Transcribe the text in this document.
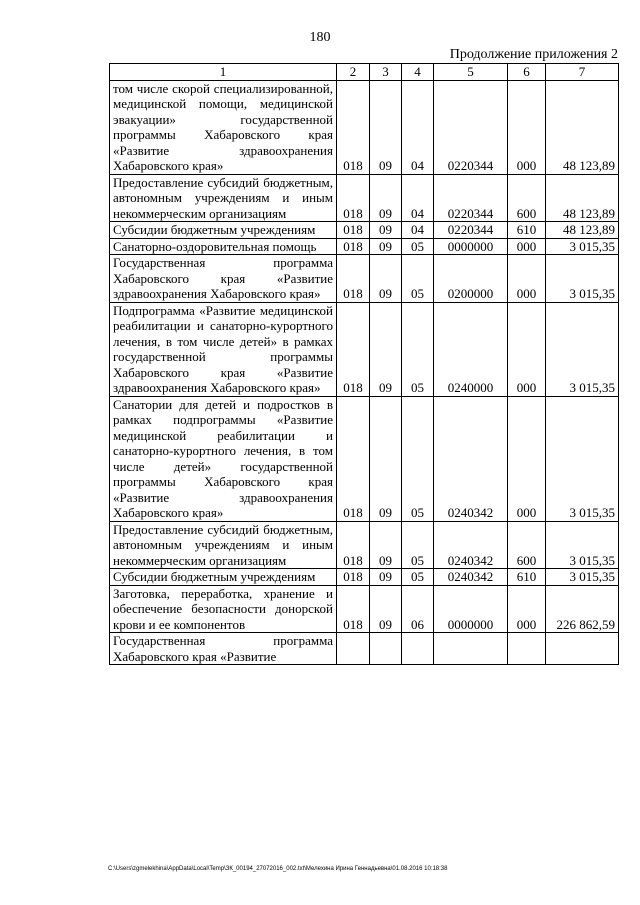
180
Продолжение приложения 2
1	2	3	4	5	6	7
том числе скорой специализированной, медицинской помощи, медицинской эвакуации» государственной программы Хабаровского края «Развитие здравоохранения Хабаровского края»	018	09	04	0220344	000	48 123,89
Предоставление субсидий бюджетным, автономным учреждениям и иным некоммерческим организациям	018	09	04	0220344	600	48 123,89
Субсидии бюджетным учреждениям	018	09	04	0220344	610	48 123,89
Санаторно-оздоровительная помощь	018	09	05	0000000	000	3 015,35
Государственная программа Хабаровского края «Развитие здравоохранения Хабаровского края»	018	09	05	0200000	000	3 015,35
Подпрограмма «Развитие медицинской реабилитации и санаторно-курортного лечения, в том числе детей» в рамках государственной программы Хабаровского края «Развитие здравоохранения Хабаровского края»	018	09	05	0240000	000	3 015,35
Санатории для детей и подростков в рамках подпрограммы «Развитие медицинской реабилитации и санаторно-курортного лечения, в том числе детей» государственной программы Хабаровского края «Развитие здравоохранения Хабаровского края»	018	09	05	0240342	000	3 015,35
Предоставление субсидий бюджетным, автономным учреждениям и иным некоммерческим организациям	018	09	05	0240342	600	3 015,35
Субсидии бюджетным учреждениям	018	09	05	0240342	610	3 015,35
Заготовка, переработка, хранение и обеспечение безопасности донорской крови и ее компонентов	018	09	06	0000000	000	226 862,59
Государственная программа Хабаровского края «Развитие						
C:\Users\zgmelekhina\AppData\Local\Temp\ЗК_00194_27072016_002.txt\Мелехина Ирина Геннадьевна\01.08.2016 10:18:38
